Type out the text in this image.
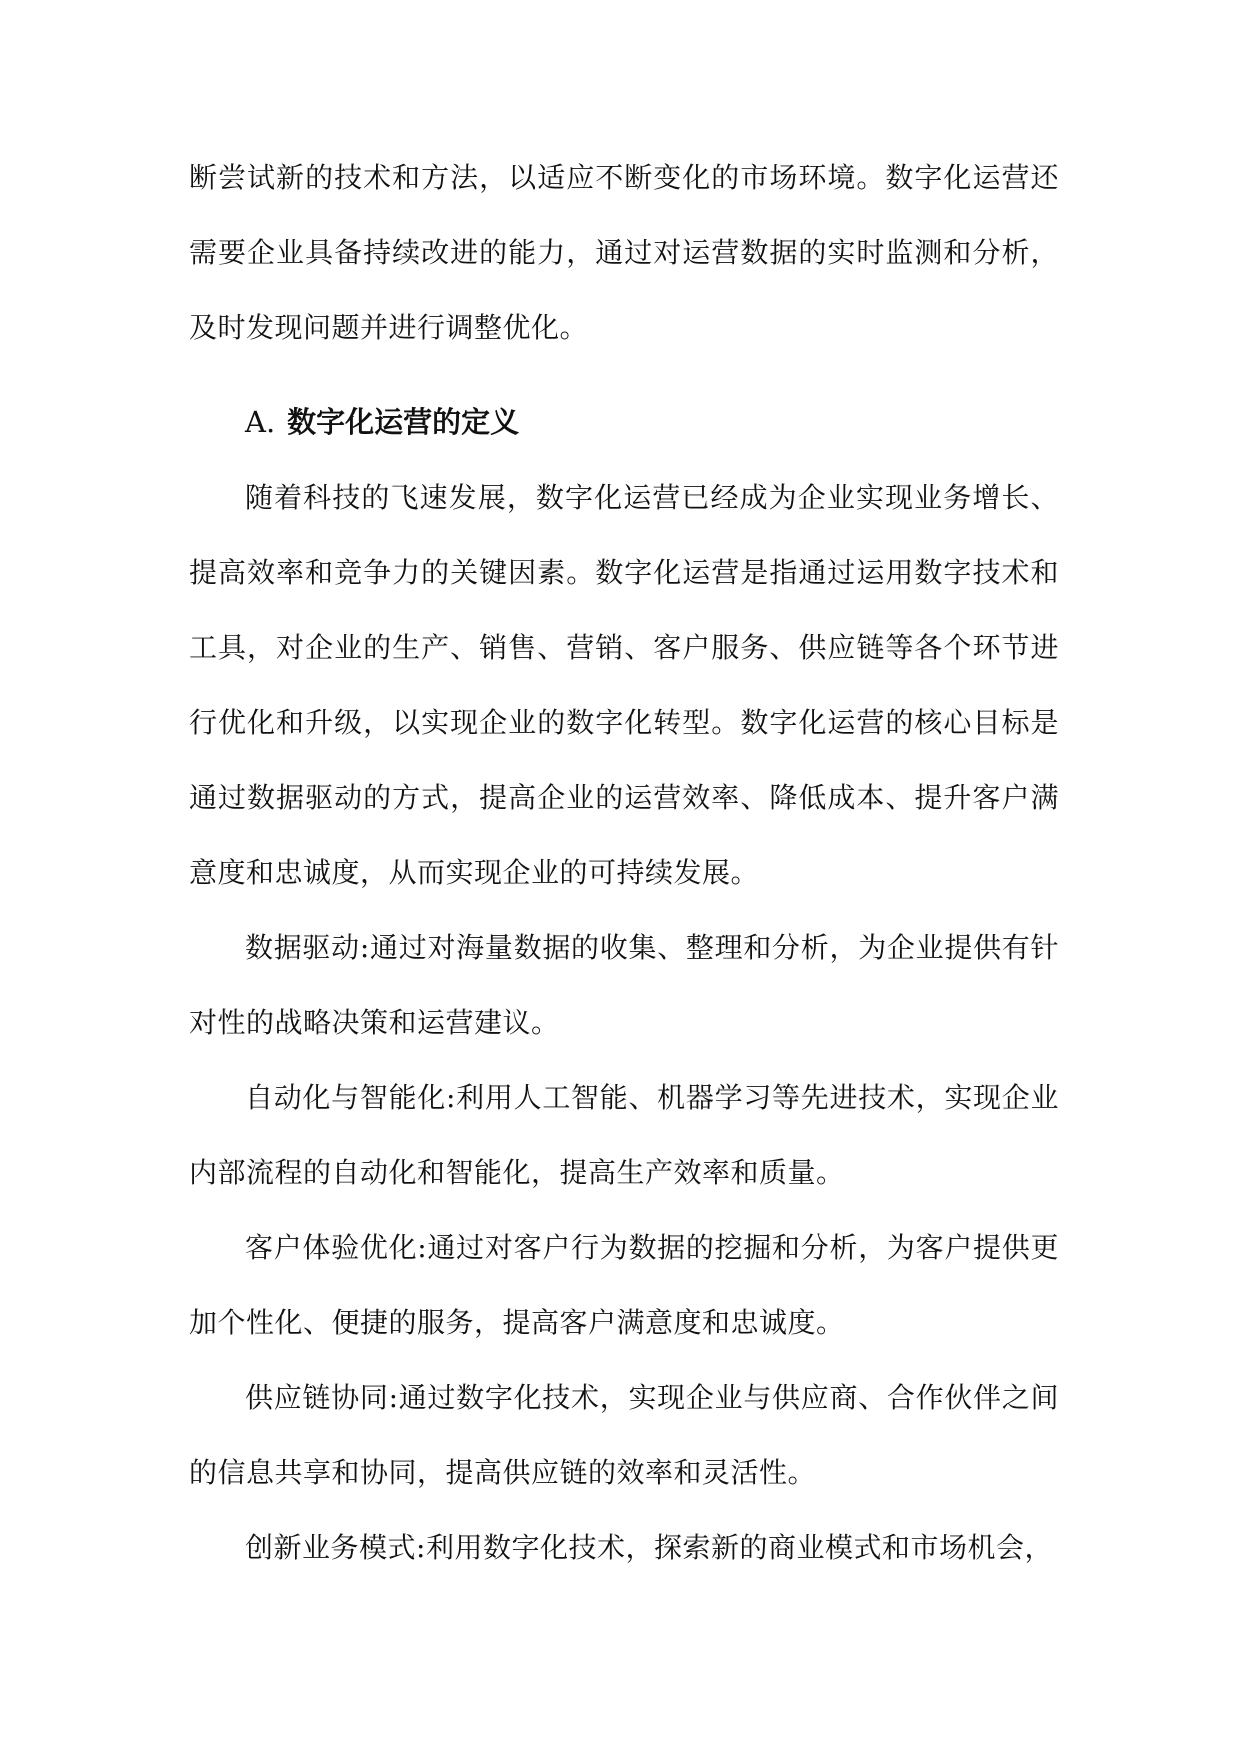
断尝试新的技术和方法，以适应不断变化的市场环境。数字化运营还需要企业具备持续改进的能力，通过对运营数据的实时监测和分析，及时发现问题并进行调整优化。

A. 数字化运营的定义

随着科技的飞速发展，数字化运营已经成为企业实现业务增长、提高效率和竞争力的关键因素。数字化运营是指通过运用数字技术和工具，对企业的生产、销售、营销、客户服务、供应链等各个环节进行优化和升级，以实现企业的数字化转型。数字化运营的核心目标是通过数据驱动的方式，提高企业的运营效率、降低成本、提升客户满意度和忠诚度，从而实现企业的可持续发展。

数据驱动:通过对海量数据的收集、整理和分析，为企业提供有针对性的战略决策和运营建议。

自动化与智能化:利用人工智能、机器学习等先进技术，实现企业内部流程的自动化和智能化，提高生产效率和质量。

客户体验优化:通过对客户行为数据的挖掘和分析，为客户提供更加个性化、便捷的服务，提高客户满意度和忠诚度。

供应链协同:通过数字化技术，实现企业与供应商、合作伙伴之间的信息共享和协同，提高供应链的效率和灵活性。

创新业务模式:利用数字化技术，探索新的商业模式和市场机会，
